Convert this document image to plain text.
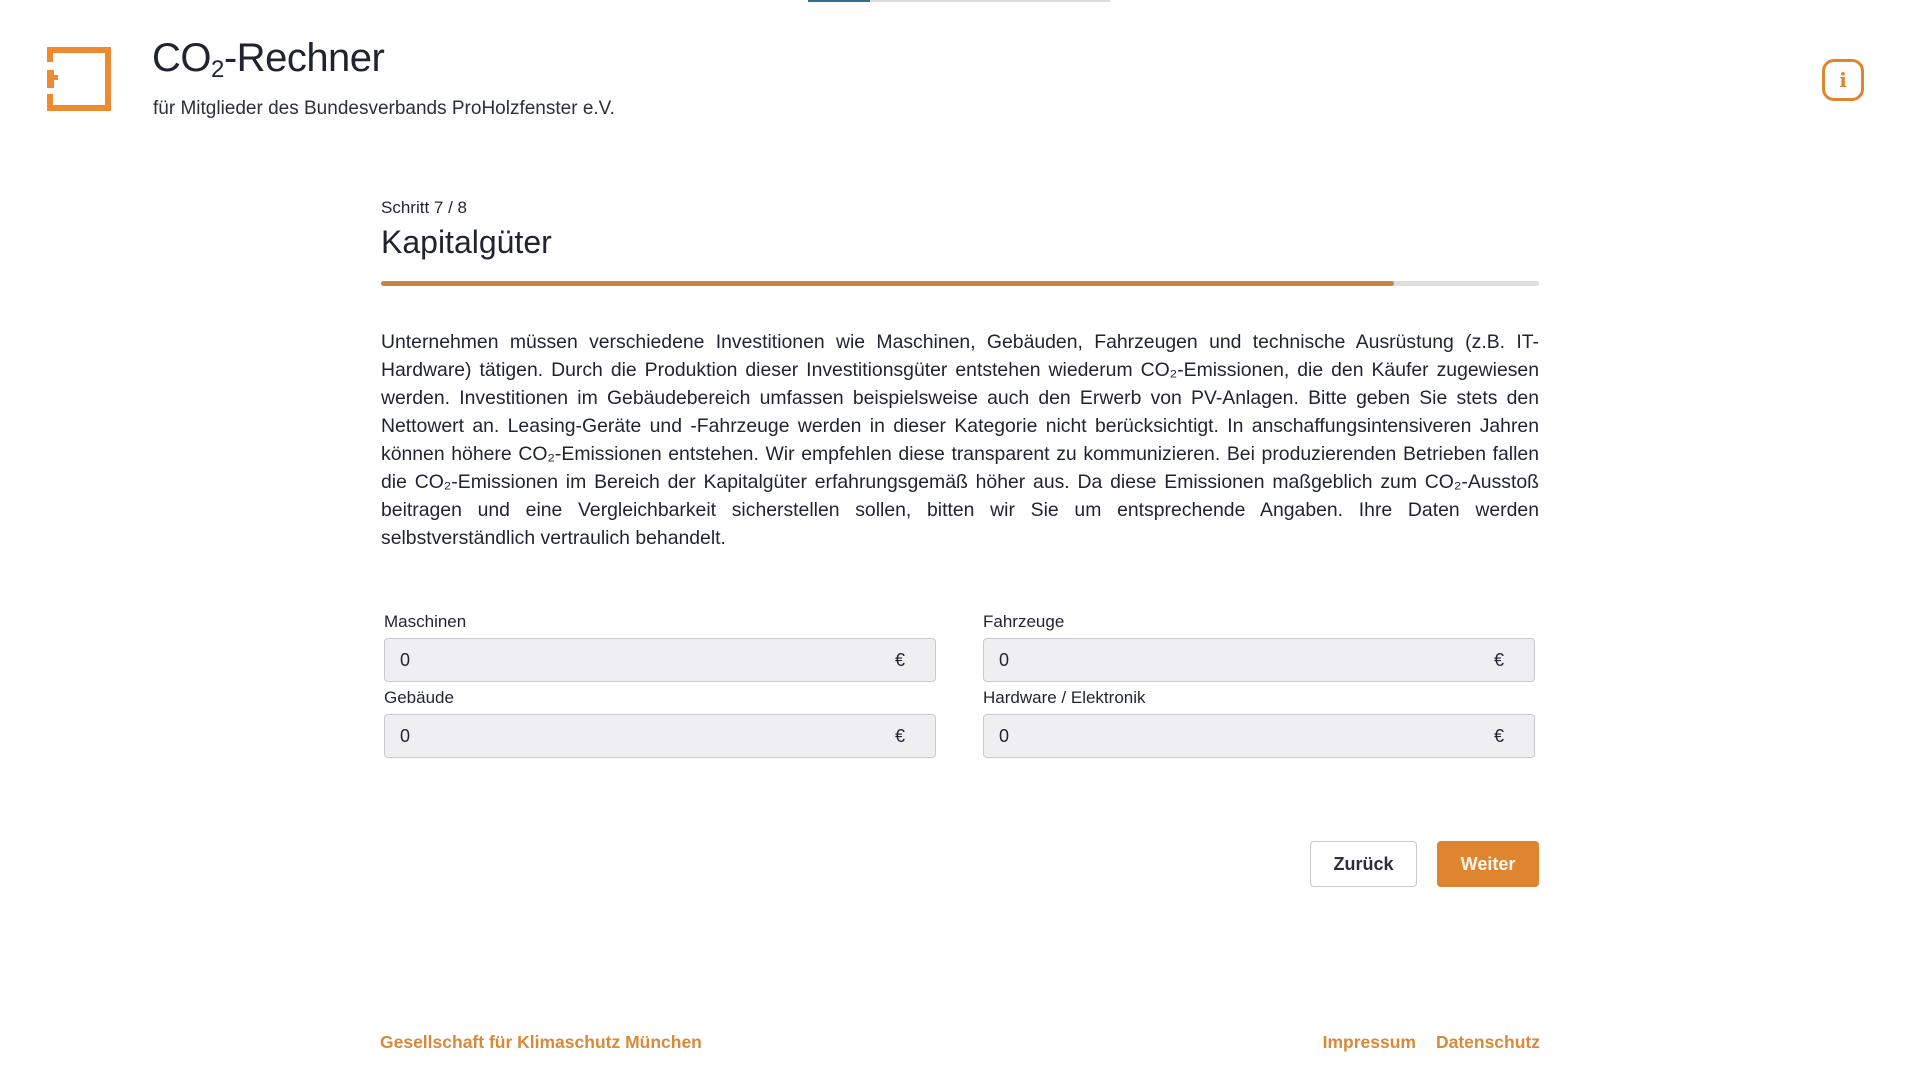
$CO_2$-Rechner
für Mitglieder des Bundesverbands ProHolzfenster e.V.
i
Schritt 7 / 8
Kapitalgüter

Unternehmen müssen verschiedene Investitionen wie Maschinen, Gebäuden, Fahrzeugen und technische Ausrüstung (z.B. IT-Hardware) tätigen. Durch die Produktion dieser Investitionsgüter entstehen wiederum CO₂-Emissionen, die den Käufer zugewiesen werden. Investitionen im Gebäudebereich umfassen beispielsweise auch den Erwerb von PV-Anlagen. Bitte geben Sie stets den Nettowert an. Leasing-Geräte und -Fahrzeuge werden in dieser Kategorie nicht berücksichtigt. In anschaffungsintensiveren Jahren können höhere CO₂-Emissionen entstehen. Wir empfehlen diese transparent zu kommunizieren. Bei produzierenden Betrieben fallen die CO₂-Emissionen im Bereich der Kapitalgüter erfahrungsgemäß höher aus. Da diese Emissionen maßgeblich zum CO₂-Ausstoß beitragen und eine Vergleichbarkeit sicherstellen sollen, bitten wir Sie um entsprechende Angaben. Ihre Daten werden selbstverständlich vertraulich behandelt.

Maschinen
0
€
Fahrzeuge
0
€
Gebäude
0
€
Hardware / Elektronik
0
€
Zurück	Weiter
Gesellschaft für Klimaschutz München	Impressum Datenschutz
